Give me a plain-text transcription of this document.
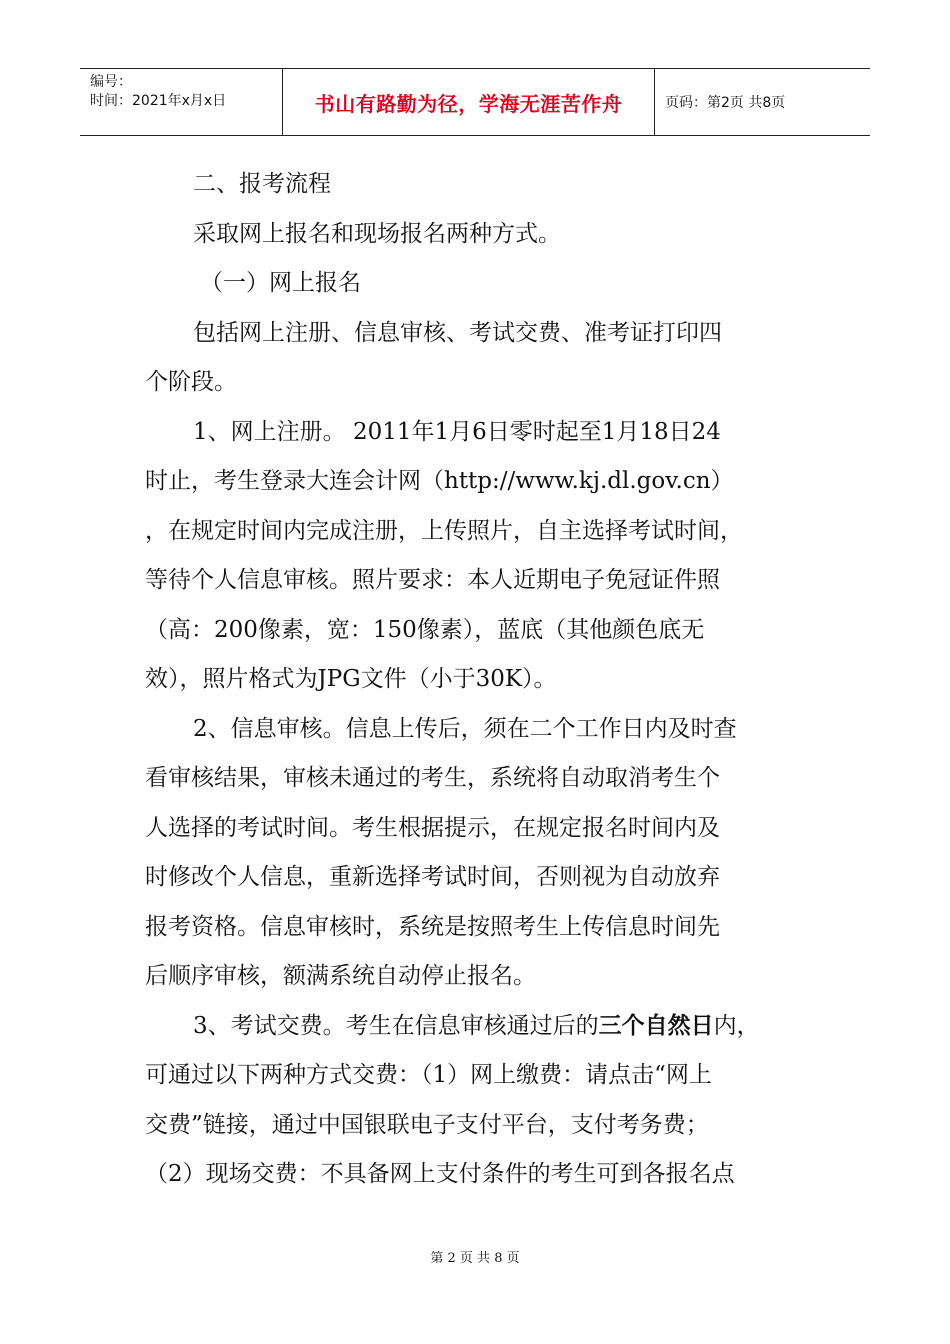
编号：
时间：2021年x月x日	书山有路勤为径，学海无涯苦作舟	页码：第2页 共8页

二、报考流程

采取网上报名和现场报名两种方式。

（一）网上报名

包括网上注册、信息审核、考试交费、准考证打印四

个阶段。

1、网上注册。 2011年1月6日零时起至1月18日24

时止，考生登录大连会计网（http://www.kj.dl.gov.cn）

，在规定时间内完成注册，上传照片，自主选择考试时间，

等待个人信息审核。照片要求：本人近期电子免冠证件照

（高：200像素，宽：150像素），蓝底（其他颜色底无

效），照片格式为JPG文件（小于30K）。

2、信息审核。信息上传后，须在二个工作日内及时查

看审核结果，审核未通过的考生，系统将自动取消考生个

人选择的考试时间。考生根据提示，在规定报名时间内及

时修改个人信息，重新选择考试时间，否则视为自动放弃

报考资格。信息审核时，系统是按照考生上传信息时间先

后顺序审核，额满系统自动停止报名。

3、考试交费。考生在信息审核通过后的三个自然日内，

可通过以下两种方式交费：（1）网上缴费：请点击“网上

交费”链接，通过中国银联电子支付平台，支付考务费；

（2）现场交费：不具备网上支付条件的考生可到各报名点

第 2 页 共 8 页
